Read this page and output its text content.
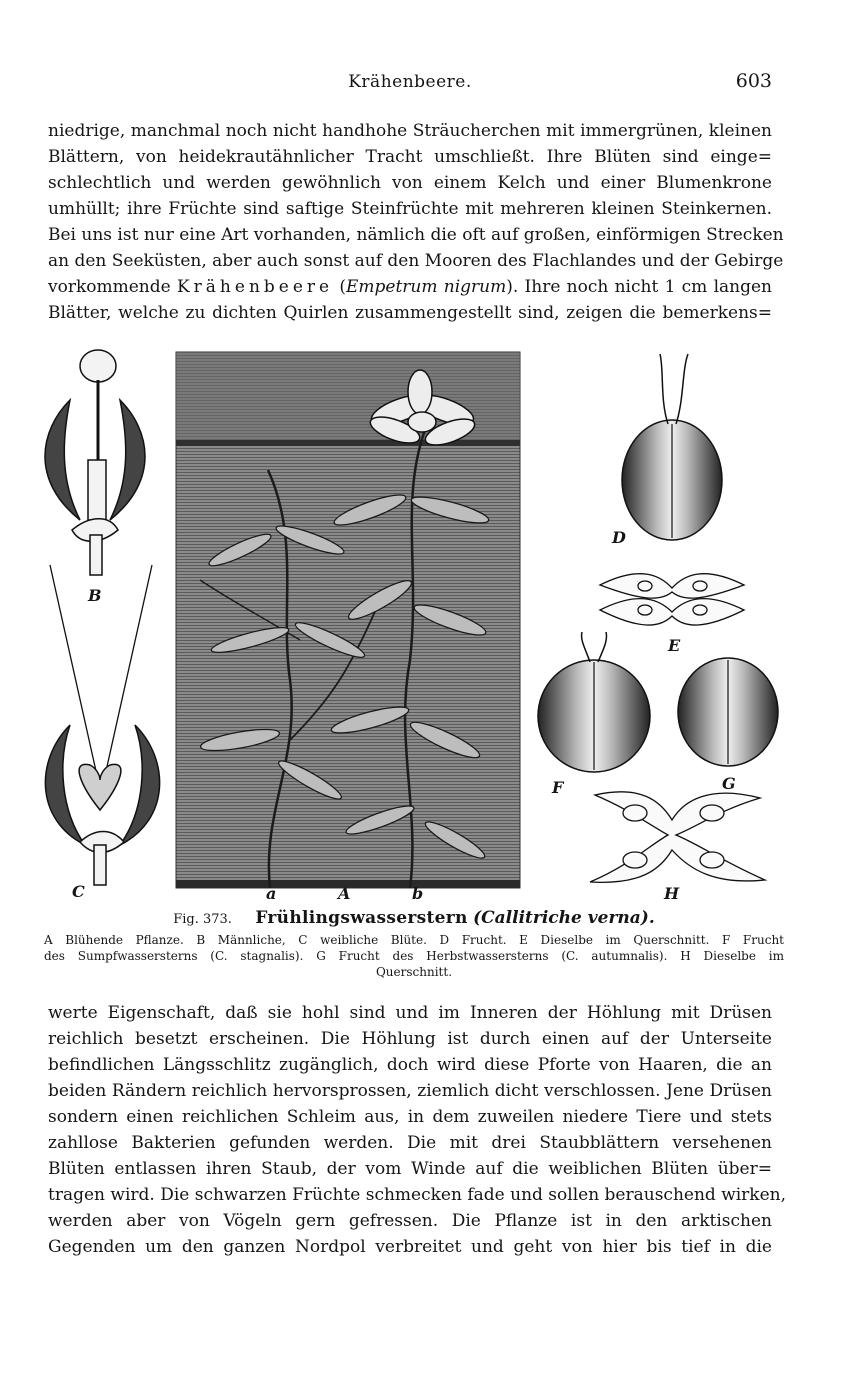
Krähenbeere.	603
niedrige, manchmal noch nicht handhohe Sträucherchen mit immergrünen, kleinen
Blättern, von heidekrautähnlicher Tracht umschließt. Ihre Blüten sind einge=
schlechtlich und werden gewöhnlich von einem Kelch und einer Blumenkrone
umhüllt; ihre Früchte sind saftige Steinfrüchte mit mehreren kleinen Steinkernen.
Bei uns ist nur eine Art vorhanden, nämlich die oft auf großen, einförmigen Strecken
an den Seeküsten, aber auch sonst auf den Mooren des Flachlandes und der Gebirge
vorkommende Krähenbeere (Empetrum nigrum). Ihre noch nicht 1 cm langen
Blätter, welche zu dichten Quirlen zusammengestellt sind, zeigen die bemerkens=
B
C	a	A	b
D
E
F	G
H
Fig. 373. Frühlingswasserstern (Callitriche verna).
A Blühende Pflanze. B Männliche, C weibliche Blüte. D Frucht. E Dieselbe im Querschnitt. F Frucht
des Sumpfwassersterns (C. stagnalis). G Frucht des Herbstwassersterns (C. autumnalis). H Dieselbe im
Querschnitt.
werte Eigenschaft, daß sie hohl sind und im Inneren der Höhlung mit Drüsen
reichlich besetzt erscheinen. Die Höhlung ist durch einen auf der Unterseite
befindlichen Längsschlitz zugänglich, doch wird diese Pforte von Haaren, die an
beiden Rändern reichlich hervorsprossen, ziemlich dicht verschlossen. Jene Drüsen
sondern einen reichlichen Schleim aus, in dem zuweilen niedere Tiere und stets
zahllose Bakterien gefunden werden. Die mit drei Staubblättern versehenen
Blüten entlassen ihren Staub, der vom Winde auf die weiblichen Blüten über=
tragen wird. Die schwarzen Früchte schmecken fade und sollen berauschend wirken,
werden aber von Vögeln gern gefressen. Die Pflanze ist in den arktischen
Gegenden um den ganzen Nordpol verbreitet und geht von hier bis tief in die
